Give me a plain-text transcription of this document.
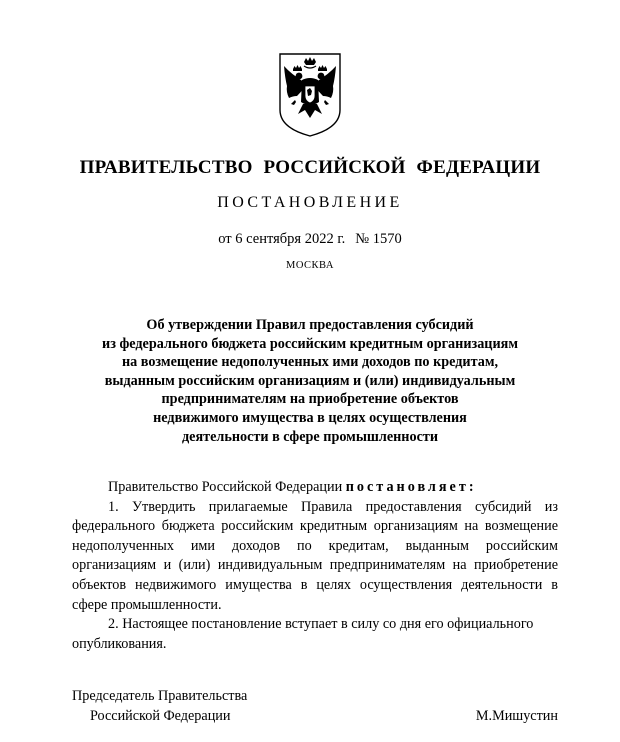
ПРАВИТЕЛЬСТВО РОССИЙСКОЙ ФЕДЕРАЦИИ
ПОСТАНОВЛЕНИЕ
от 6 сентября 2022 г. № 1570
МОСКВА
Об утверждении Правил предоставления субсидий
из федерального бюджета российским кредитным организациям
на возмещение недополученных ими доходов по кредитам,
выданным российским организациям и (или) индивидуальным
предпринимателям на приобретение объектов
недвижимого имущества в целях осуществления
деятельности в сфере промышленности
Правительство Российской Федерации постановляет:
1. Утвердить прилагаемые Правила предоставления субсидий из федерального бюджета российским кредитным организациям на возмещение недополученных ими доходов по кредитам, выданным российским организациям и (или) индивидуальным предпринимателям на приобретение объектов недвижимого имущества в целях осуществления деятельности в сфере промышленности.
2. Настоящее постановление вступает в силу со дня его официального опубликования.
Председатель Правительства
Российской Федерации	М.Мишустин
